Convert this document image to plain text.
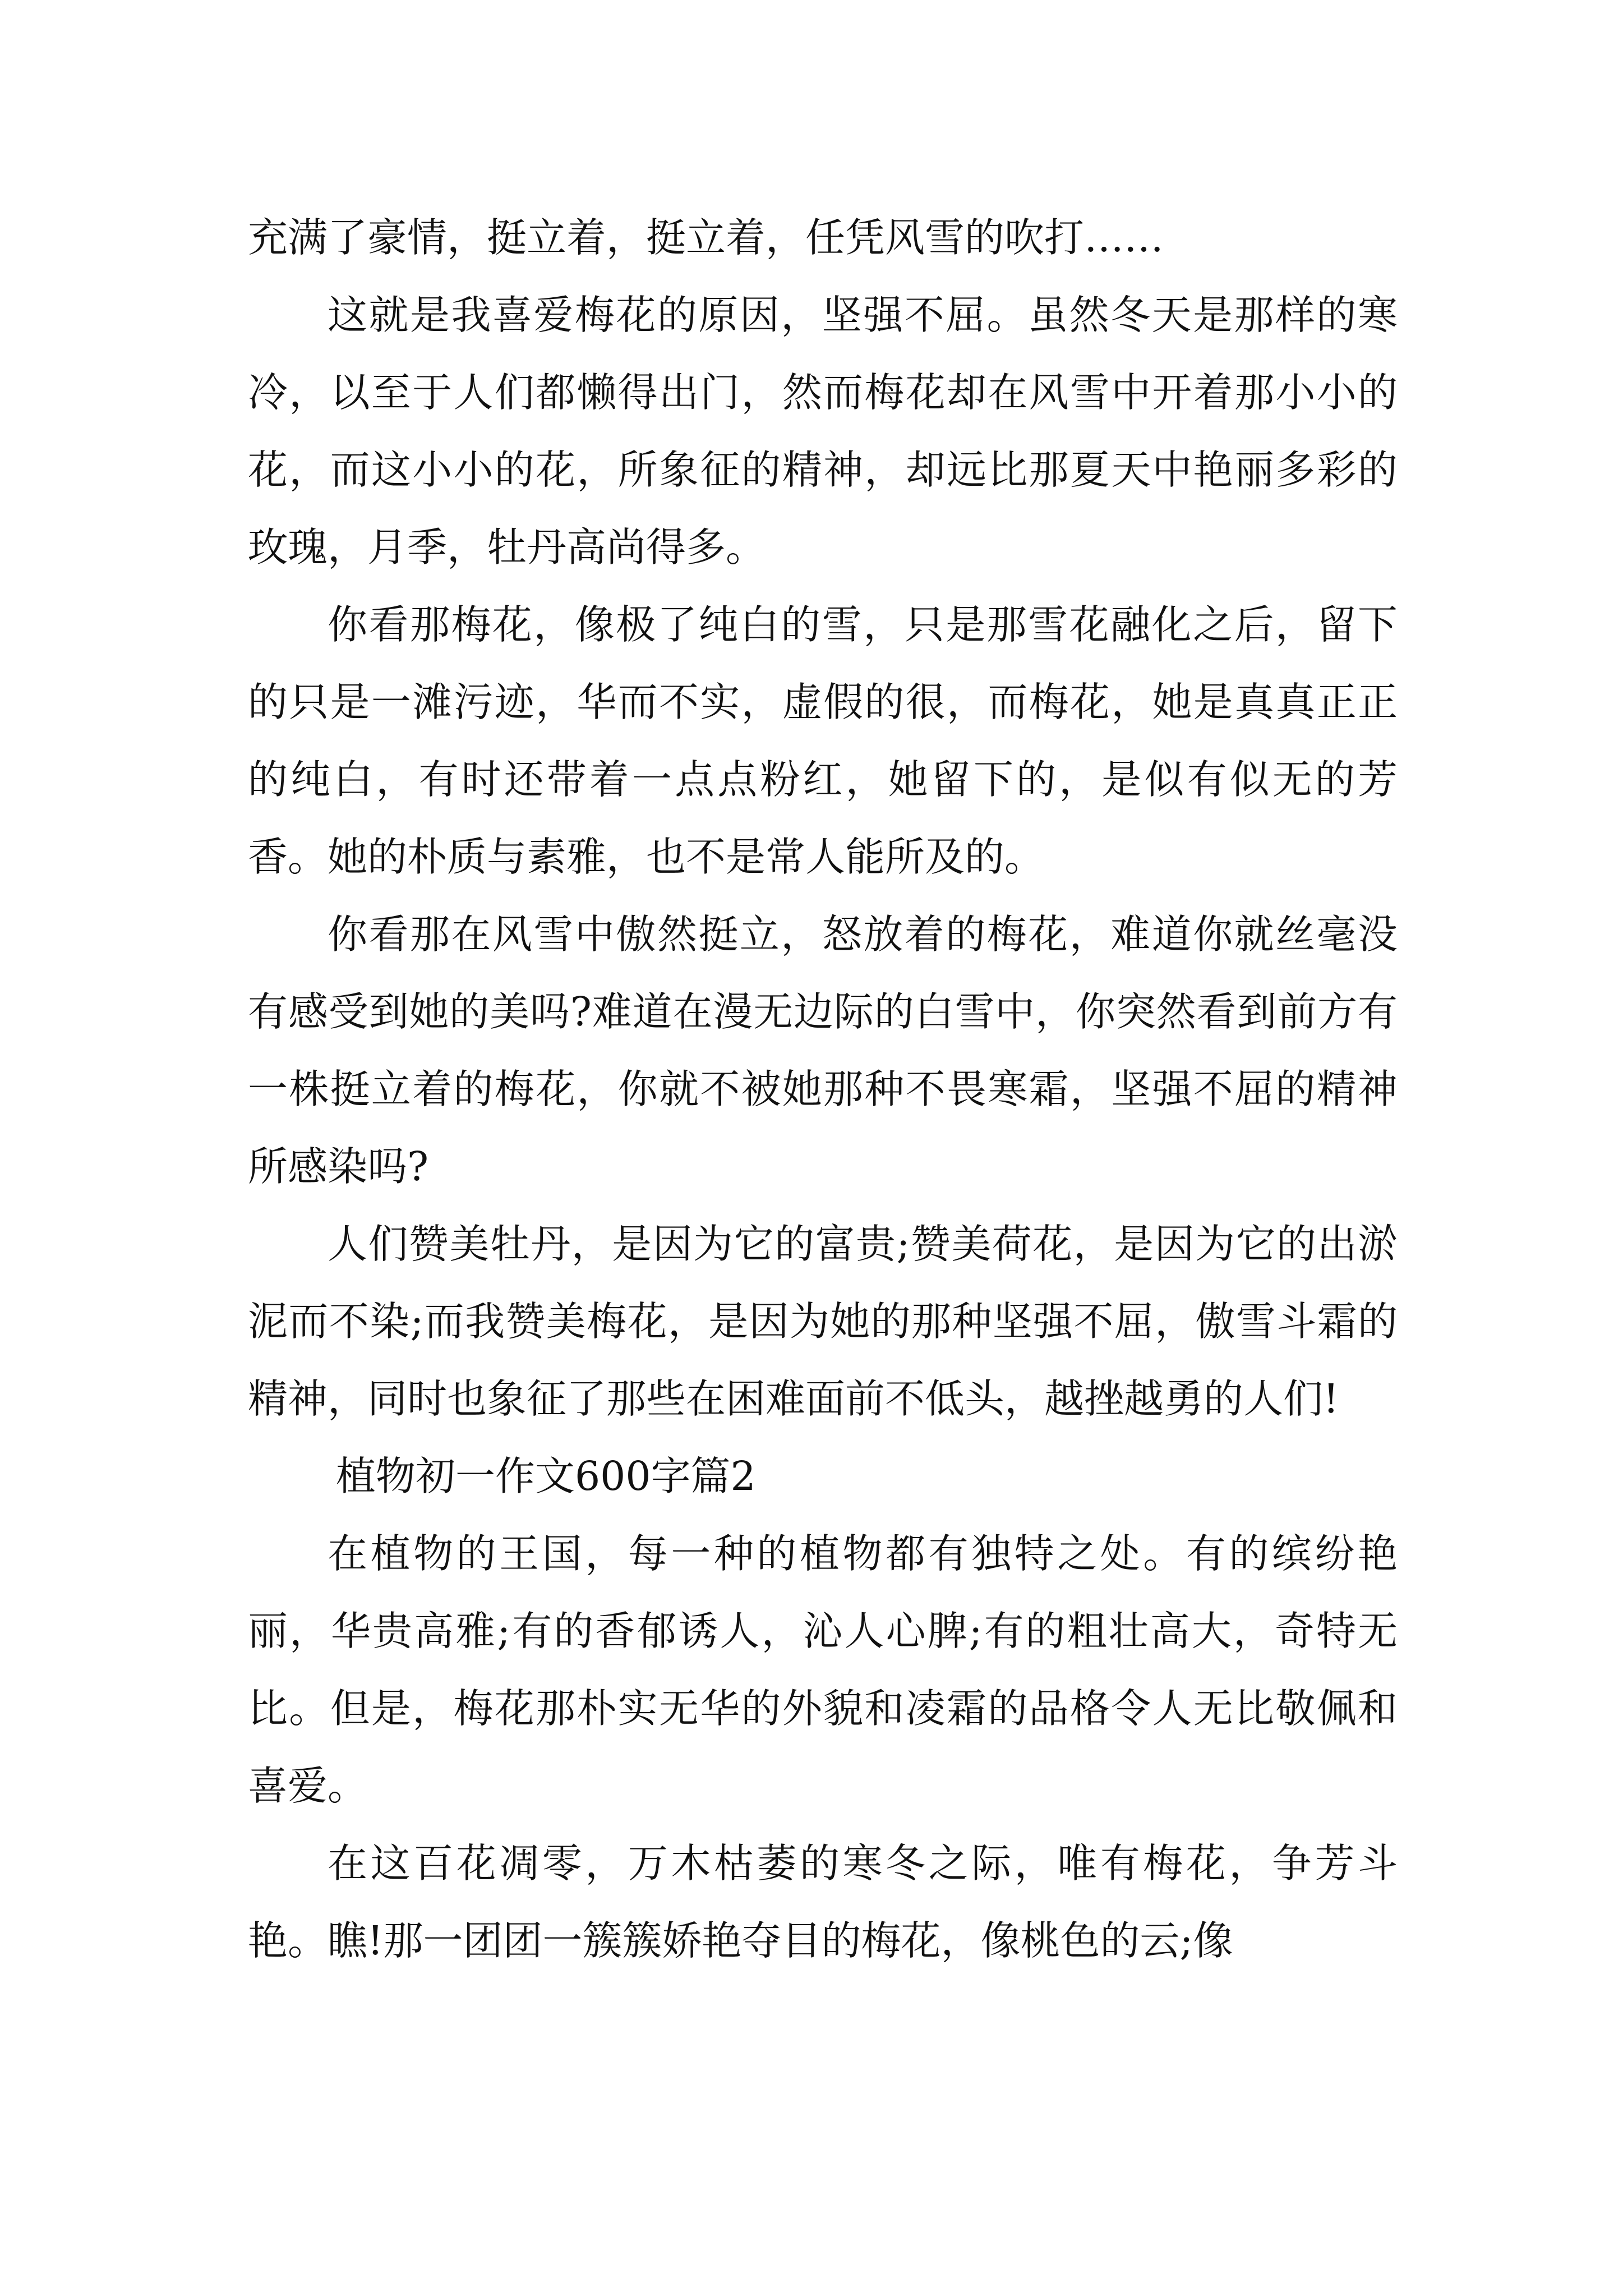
充满了豪情，挺立着，挺立着，任凭风雪的吹打……

这就是我喜爱梅花的原因，坚强不屈。虽然冬天是那样的寒冷，以至于人们都懒得出门，然而梅花却在风雪中开着那小小的花，而这小小的花，所象征的精神，却远比那夏天中艳丽多彩的玫瑰，月季，牡丹高尚得多。

你看那梅花，像极了纯白的雪，只是那雪花融化之后，留下的只是一滩污迹，华而不实，虚假的很，而梅花，她是真真正正的纯白，有时还带着一点点粉红，她留下的，是似有似无的芳香。她的朴质与素雅，也不是常人能所及的。

你看那在风雪中傲然挺立，怒放着的梅花，难道你就丝毫没有感受到她的美吗?难道在漫无边际的白雪中，你突然看到前方有一株挺立着的梅花，你就不被她那种不畏寒霜，坚强不屈的精神所感染吗?

人们赞美牡丹，是因为它的富贵;赞美荷花，是因为它的出淤泥而不染;而我赞美梅花，是因为她的那种坚强不屈，傲雪斗霜的精神，同时也象征了那些在困难面前不低头，越挫越勇的人们!

植物初一作文600字篇2

在植物的王国，每一种的植物都有独特之处。有的缤纷艳丽，华贵高雅;有的香郁诱人，沁人心脾;有的粗壮高大，奇特无比。但是，梅花那朴实无华的外貌和凌霜的品格令人无比敬佩和喜爱。

在这百花凋零，万木枯萎的寒冬之际，唯有梅花，争芳斗艳。瞧!那一团团一簇簇娇艳夺目的梅花，像桃色的云;像
